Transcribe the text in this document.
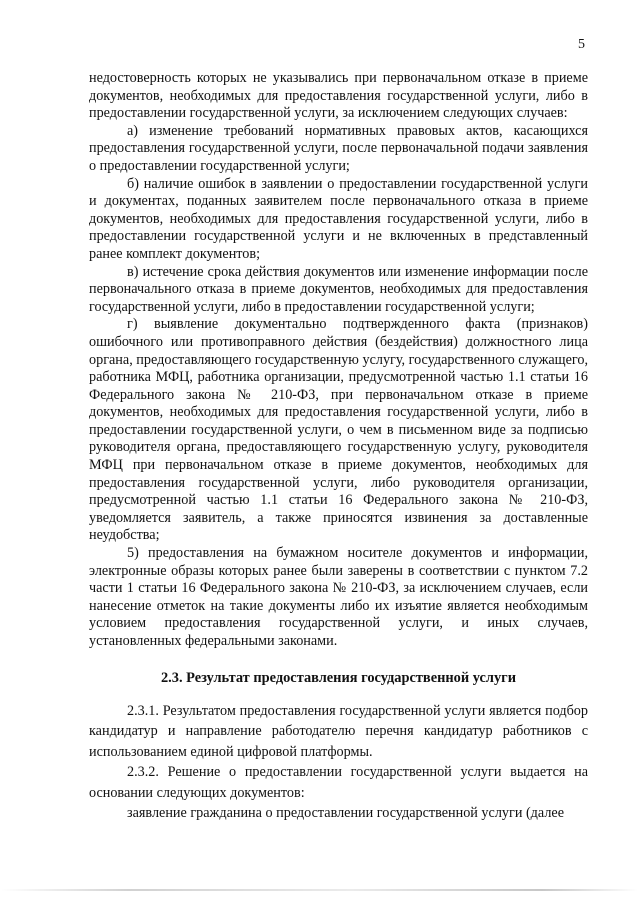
5

недостоверность которых не указывались при первоначальном отказе в приеме документов, необходимых для предоставления государственной услуги, либо в предоставлении государственной услуги, за исключением следующих случаев:

а) изменение требований нормативных правовых актов, касающихся предоставления государственной услуги, после первоначальной подачи заявления о предоставлении государственной услуги;

б) наличие ошибок в заявлении о предоставлении государственной услуги и документах, поданных заявителем после первоначального отказа в приеме документов, необходимых для предоставления государственной услуги, либо в предоставлении государственной услуги и не включенных в представленный ранее комплект документов;

в) истечение срока действия документов или изменение информации после первоначального отказа в приеме документов, необходимых для предоставления государственной услуги, либо в предоставлении государственной услуги;

г) выявление документально подтвержденного факта (признаков) ошибочного или противоправного действия (бездействия) должностного лица органа, предоставляющего государственную услугу, государственного служащего, работника МФЦ, работника организации, предусмотренной частью 1.1 статьи 16 Федерального закона № 210-ФЗ, при первоначальном отказе в приеме документов, необходимых для предоставления государственной услуги, либо в предоставлении государственной услуги, о чем в письменном виде за подписью руководителя органа, предоставляющего государственную услугу, руководителя МФЦ при первоначальном отказе в приеме документов, необходимых для предоставления государственной услуги, либо руководителя организации, предусмотренной частью 1.1 статьи 16 Федерального закона № 210-ФЗ, уведомляется заявитель, а также приносятся извинения за доставленные неудобства;

5) предоставления на бумажном носителе документов и информации, электронные образы которых ранее были заверены в соответствии с пунктом 7.2 части 1 статьи 16 Федерального закона № 210-ФЗ, за исключением случаев, если нанесение отметок на такие документы либо их изъятие является необходимым условием предоставления государственной услуги, и иных случаев, установленных федеральными законами.

2.3. Результат предоставления государственной услуги

2.3.1. Результатом предоставления государственной услуги является подбор кандидатур и направление работодателю перечня кандидатур работников с использованием единой цифровой платформы.

2.3.2. Решение о предоставлении государственной услуги выдается на основании следующих документов:

заявление гражданина о предоставлении государственной услуги (далее
